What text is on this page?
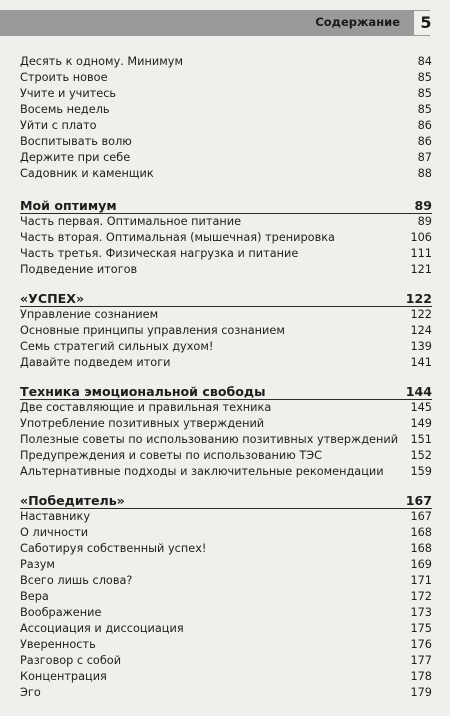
Содержание	5
Десять к одному. Минимум	84
Строить новое	85
Учите и учитесь	85
Восемь недель	85
Уйти с плато	86
Воспитывать волю	86
Держите при себе	87
Садовник и каменщик	88
Мой оптимум	89
Часть первая. Оптимальное питание	89
Часть вторая. Оптимальная (мышечная) тренировка	106
Часть третья. Физическая нагрузка и питание	111
Подведение итогов	121
«УСПЕХ»	122
Управление сознанием	122
Основные принципы управления сознанием	124
Семь стратегий сильных духом!	139
Давайте подведем итоги	141
Техника эмоциональной свободы	144
Две составляющие и правильная техника	145
Употребление позитивных утверждений	149
Полезные советы по использованию позитивных утверждений 151
Предупреждения и советы по использованию ТЭС	152
Альтернативные подходы и заключительные рекомендации 159
«Победитель»	167
Наставнику	167
О личности	168
Саботируя собственный успех!	168
Разум	169
Всего лишь слова?	171
Вера	172
Воображение	173
Ассоциация и диссоциация	175
Уверенность	176
Разговор с собой	177
Концентрация	178
Эго	179
